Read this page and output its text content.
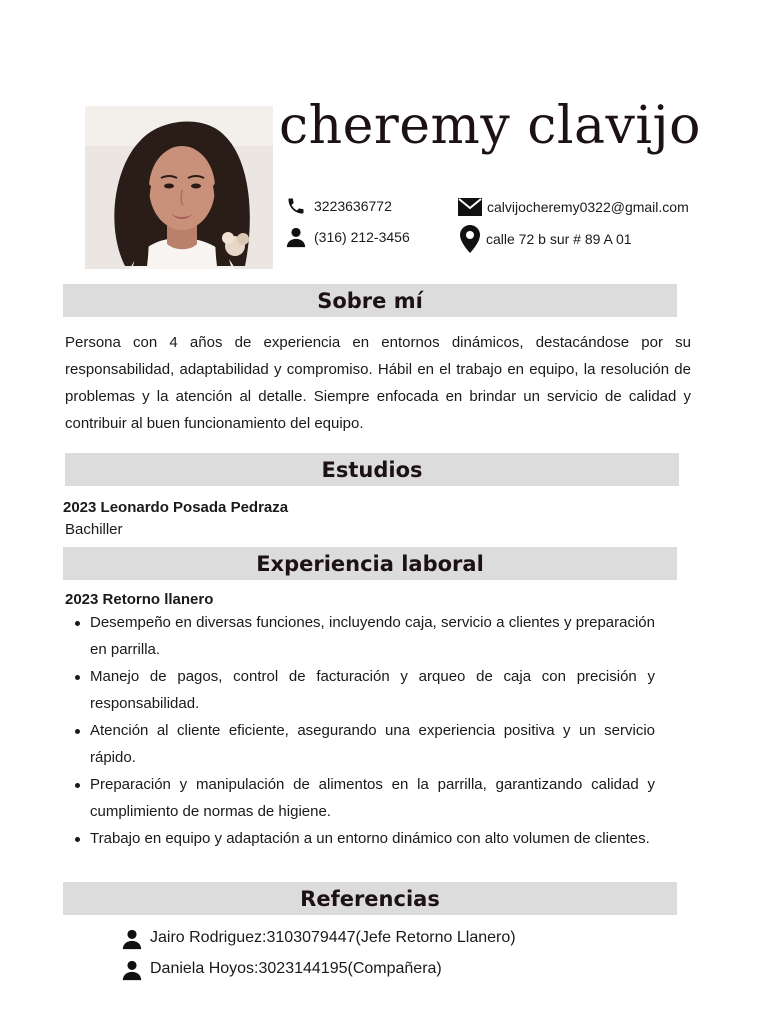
cheremy clavijo
3223636772
(316) 212-3456
calvijocheremy0322@gmail.com
calle 72 b sur # 89 A 01
Sobre mí
Persona con 4 años de experiencia en entornos dinámicos, destacándose por su responsabilidad, adaptabilidad y compromiso. Hábil en el trabajo en equipo, la resolución de problemas y la atención al detalle. Siempre enfocada en brindar un servicio de calidad y contribuir al buen funcionamiento del equipo.
Estudios
2023 Leonardo Posada Pedraza
Bachiller
Experiencia laboral
2023 Retorno llanero
Desempeño en diversas funciones, incluyendo caja, servicio a clientes y preparación en parrilla.
Manejo de pagos, control de facturación y arqueo de caja con precisión y responsabilidad.
Atención al cliente eficiente, asegurando una experiencia positiva y un servicio rápido.
Preparación y manipulación de alimentos en la parrilla, garantizando calidad y cumplimiento de normas de higiene.
Trabajo en equipo y adaptación a un entorno dinámico con alto volumen de clientes.
Referencias
Jairo Rodriguez:3103079447(Jefe Retorno Llanero)
Daniela Hoyos:3023144195(Compañera)
